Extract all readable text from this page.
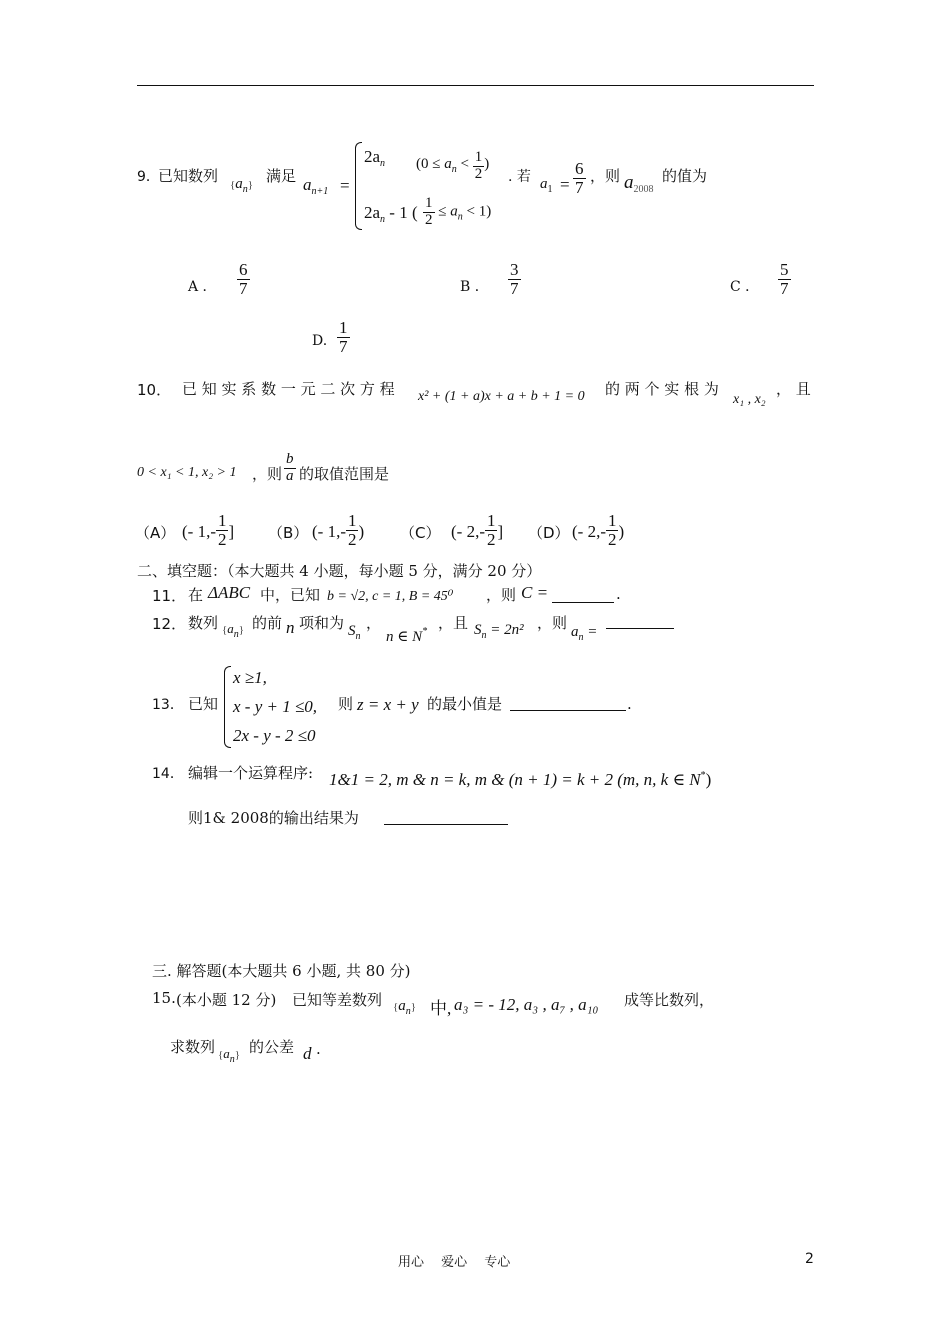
9．
已知数列 $\{a_n\}$ 满足 $a_{n+1}$ =
$2a_n$ ($0 \le a_n < \frac{1}{2}$ )
$2a_n - 1$ ( $\frac{1}{2} \le a_n < 1$)
. 若 $a_1 = \frac{6}{7}$ ，则 $a_{2008}$
的值为
A ． $\frac{6}{7}$	B ． $\frac{3}{7}$	C ． $\frac{5}{7}$
D. $\frac{1}{7}$
10． 已 知 实 系 数 一 元 二 次 方 程 x² + (1 + a)x + a + b + 1 = 0 的 两 个 实 根 为
x₁ , x₂
， 且
0 < x₁ < 1, x₂ > 1 ，则 $\frac{b}{a}$ 的取值范围是
（A） (- $1,- \frac{1}{2}$ ] （B） (- $1,- \frac{1}{2}$ ) （C） (- $2,- \frac{1}{2}$ ] （D） (- $2,- \frac{1}{2}$ )
二、填空题：（本大题共 4 小题，每小题 5 分，满分 20 分）
11． 在 ΔABC 中，已知 b = √2, c = 1, B = 45⁰ ，则 C =	.
12． 数列 $\{a_n\}$ 的前 n 项和为 $S_n$
，
n ∈ N* ，且 $S_n = 2n^2$ ，则 $a_n$ =
13． 已知
x ≥1,
x - y + 1 ≤0,
2x - y - 2 ≤0
则 z = x + y 的最小值是	.
14． 编辑一个运算程序: 1&1 = 2, m & n = k, m & (n + 1) = k + 2 (m, n, k ∈ N*)
则1& 2008的输出结果为
三. 解答题(本大题共 6 小题, 共 80 分)
15. (本小题 12 分) 已知等差数列 $\{a_n\}$ 中, a₃ = - 12, a₃ , a₇ , a₁₀ 成等比数列，
求数列 $\{a_n\}$ 的公差 d .
用心　 爱心　 专心	2
